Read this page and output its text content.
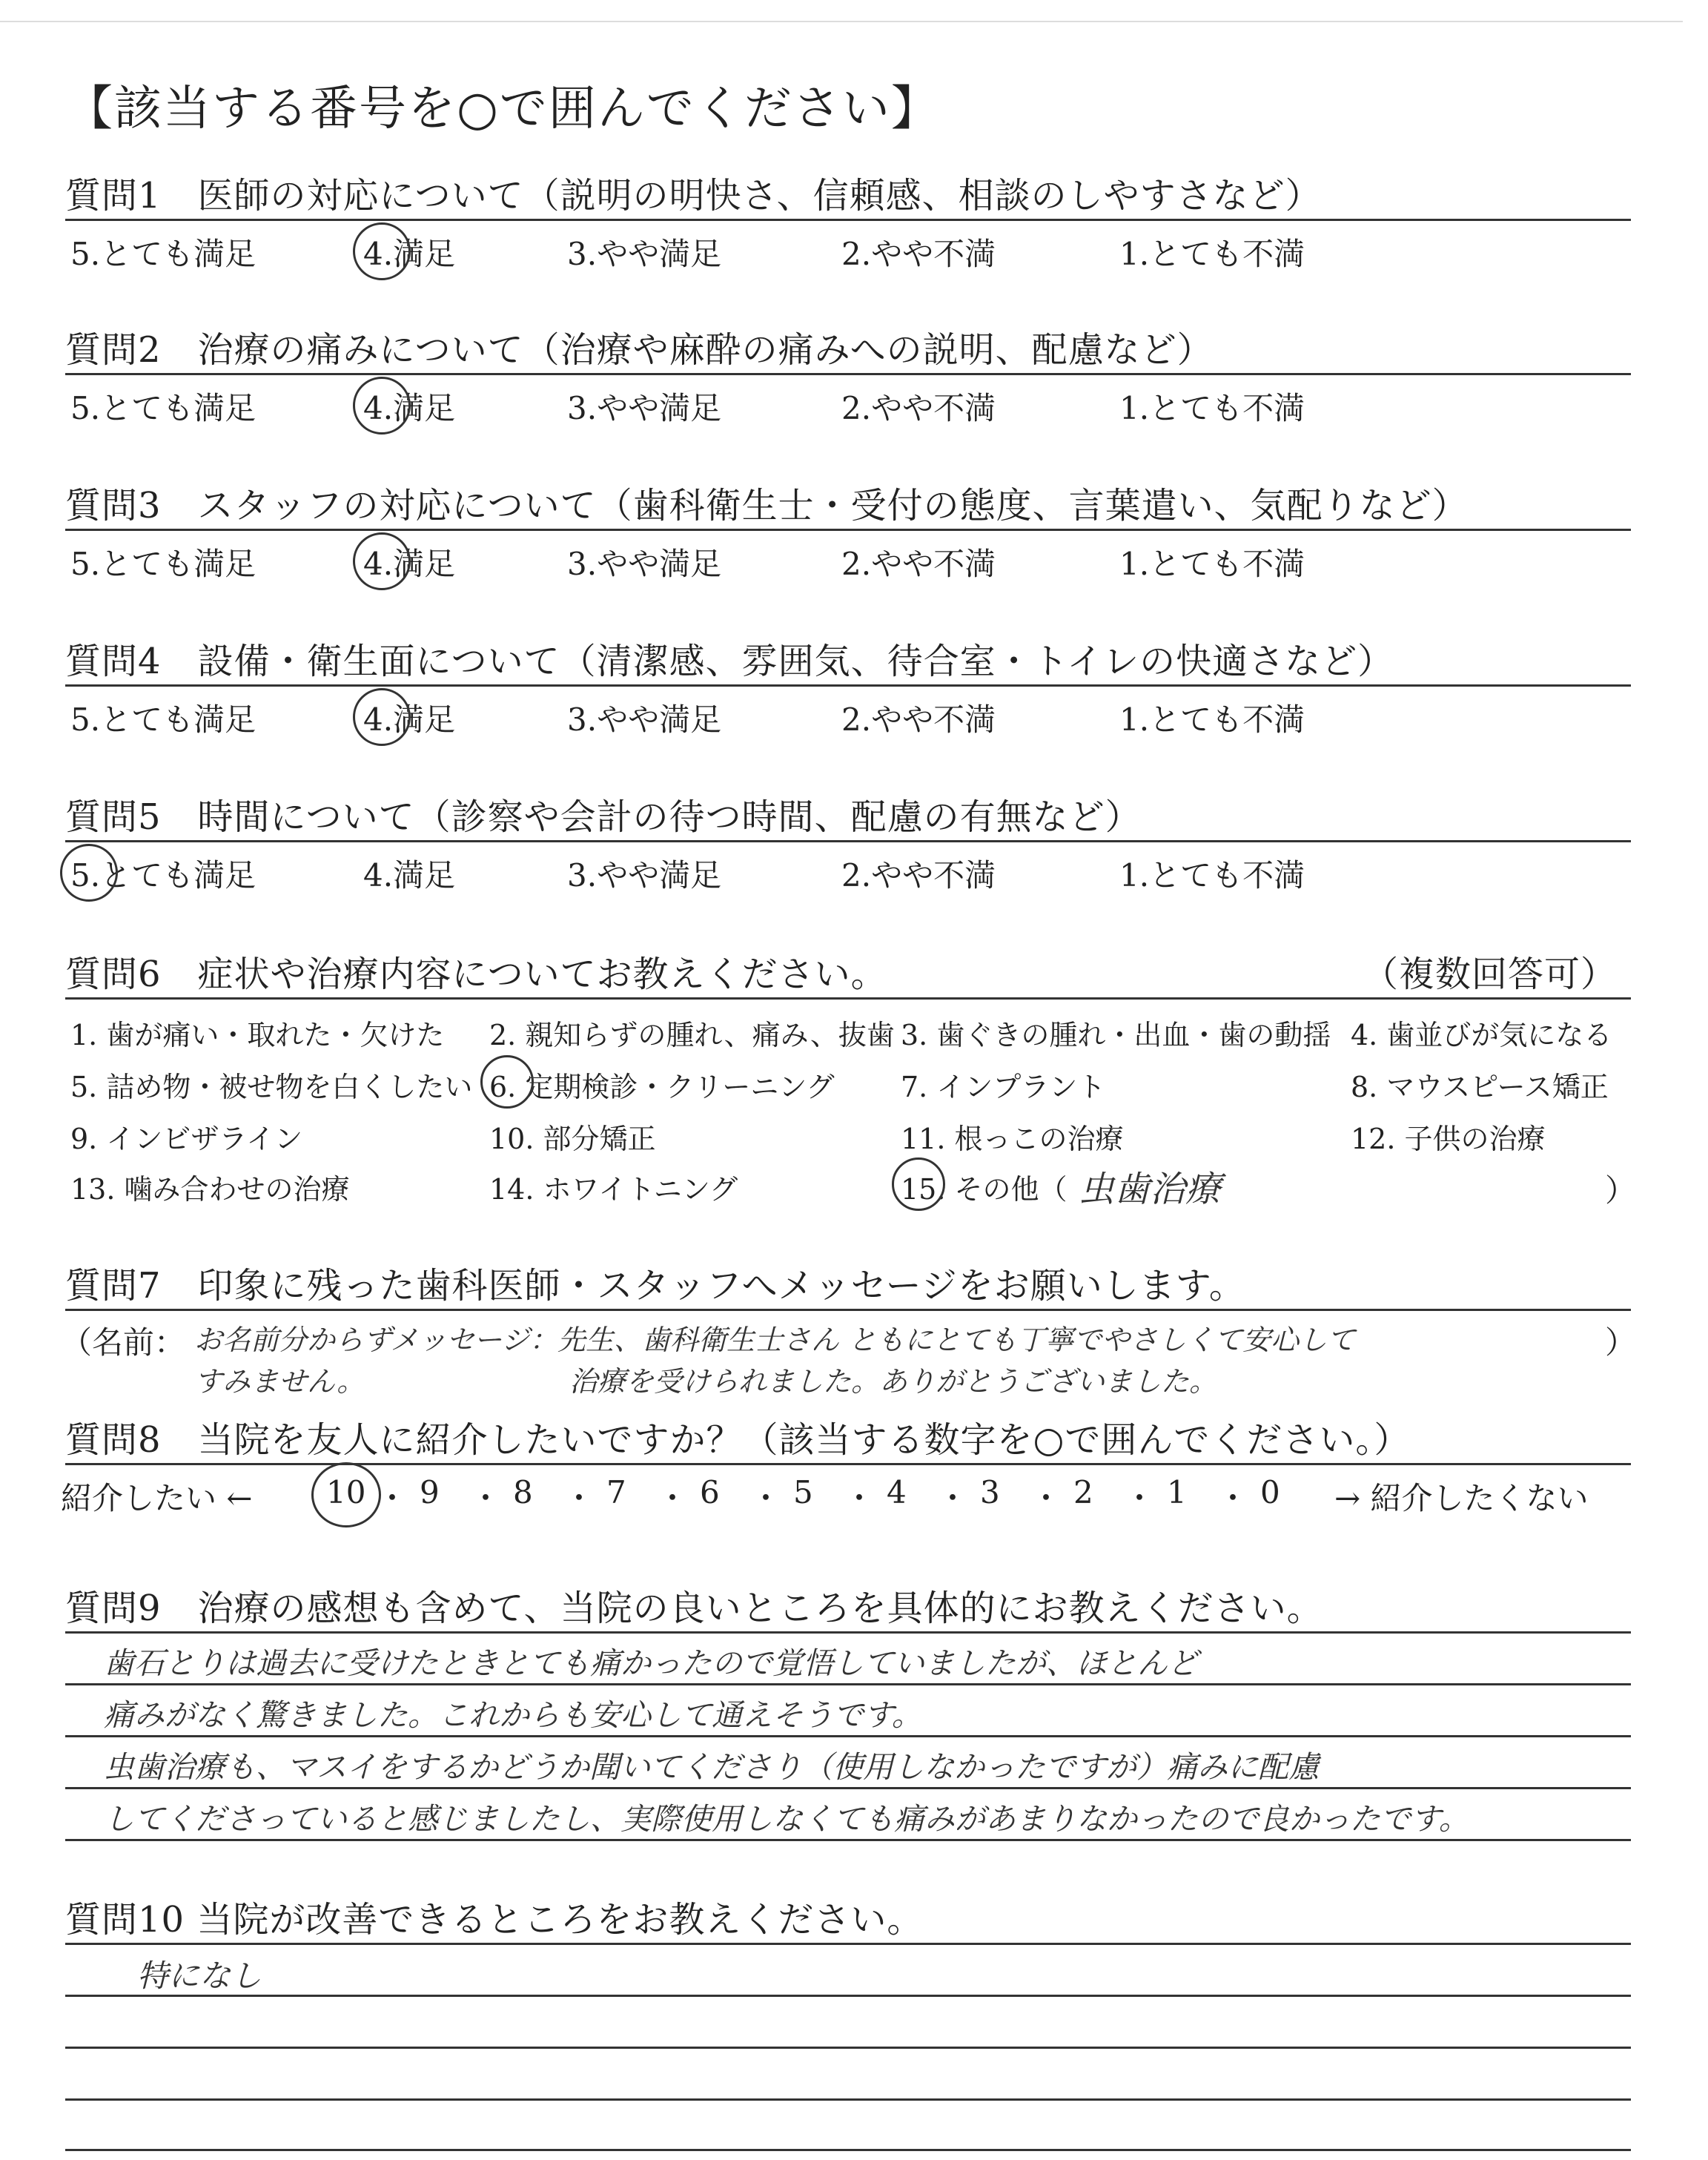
【該当する番号を○で囲んでください】
質問1　医師の対応について（説明の明快さ、信頼感、相談のしやすさなど）
5.とても満足	4.満足	3.やや満足	2.やや不満	1.とても不満
質問2　治療の痛みについて（治療や麻酔の痛みへの説明、配慮など）
5.とても満足	4.満足	3.やや満足	2.やや不満	1.とても不満
質問3　スタッフの対応について（歯科衛生士・受付の態度、言葉遣い、気配りなど）
5.とても満足	4.満足	3.やや満足	2.やや不満	1.とても不満
質問4　設備・衛生面について（清潔感、雰囲気、待合室・トイレの快適さなど）
5.とても満足	4.満足	3.やや満足	2.やや不満	1.とても不満
質問5　時間について（診察や会計の待つ時間、配慮の有無など）
5.とても満足	4.満足	3.やや満足	2.やや不満	1.とても不満
質問6　症状や治療内容についてお教えください。	（複数回答可）
1. 歯が痛い・取れた・欠けた 2. 親知らずの腫れ、痛み、抜歯 3. 歯ぐきの腫れ・出血・歯の動揺 4. 歯並びが気になる
5. 詰め物・被せ物を白くしたい 6. 定期検診・クリーニング 7. インプラント	8. マウスピース矯正
9. インビザライン	10. 部分矯正	11. 根っこの治療	12. 子供の治療
13. 噛み合わせの治療	14. ホワイトニング	15. その他（ 虫歯治療	）
質問7　印象に残った歯科医師・スタッフへメッセージをお願いします。
（名前： お名前分からずメッセージ：
すみません。
先生、歯科衛生士さん ともにとても丁寧でやさしくて安心して
治療を受けられました。ありがとうございました。
）
質問8　当院を友人に紹介したいですか？（該当する数字を○で囲んでください。）
紹介したい ←	→ 紹介したくない
10 ・ 9 ・ 8 ・ 7 ・ 6 ・ 5 ・ 4 ・ 3 ・ 2 ・ 1 ・ 0
質問9　治療の感想も含めて、当院の良いところを具体的にお教えください。
歯石とりは過去に受けたときとても痛かったので覚悟していましたが、ほとんど
痛みがなく驚きました。これからも安心して通えそうです。
虫歯治療も、マスイをするかどうか聞いてくださり（使用しなかったですが）痛みに配慮
してくださっていると感じましたし、実際使用しなくても痛みがあまりなかったので良かったです。
質問10 当院が改善できるところをお教えください。
特になし
